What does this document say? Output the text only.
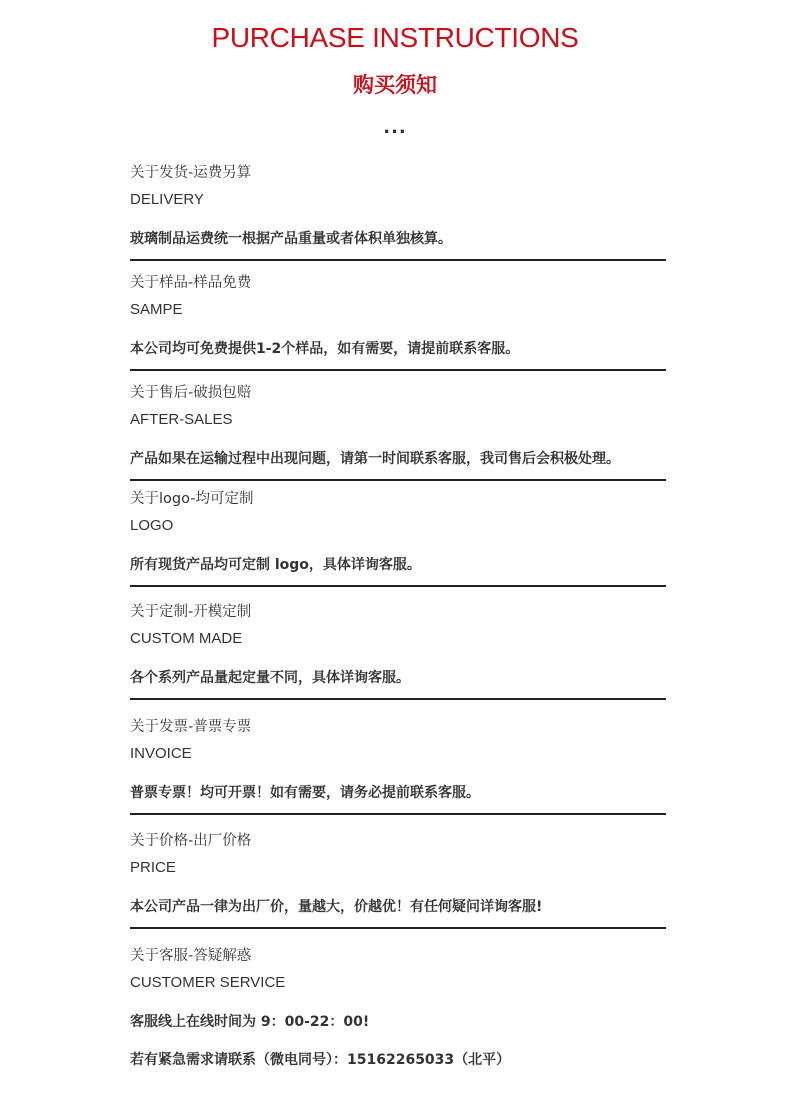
PURCHASE INSTRUCTIONS
购买须知
...
关于发货-运费另算
DELIVERY
玻璃制品运费统一根据产品重量或者体积单独核算。
关于样品-样品免费
SAMPE
本公司均可免费提供1-2个样品，如有需要，请提前联系客服。
关于售后-破损包赔
AFTER-SALES
产品如果在运输过程中出现问题，请第一时间联系客服，我司售后会积极处理。
关于logo-均可定制
LOGO
所有现货产品均可定制 logo，具体详询客服。
关于定制-开模定制
CUSTOM MADE
各个系列产品量起定量不同，具体详询客服。
关于发票-普票专票
INVOICE
普票专票！均可开票！如有需要，请务必提前联系客服。
关于价格-出厂价格
PRICE
本公司产品一律为出厂价，量越大，价越优！有任何疑问详询客服!
关于客服-答疑解惑
CUSTOMER SERVICE
客服线上在线时间为 9：00-22：00!
若有紧急需求请联系（微电同号）：15162265033（北平）
